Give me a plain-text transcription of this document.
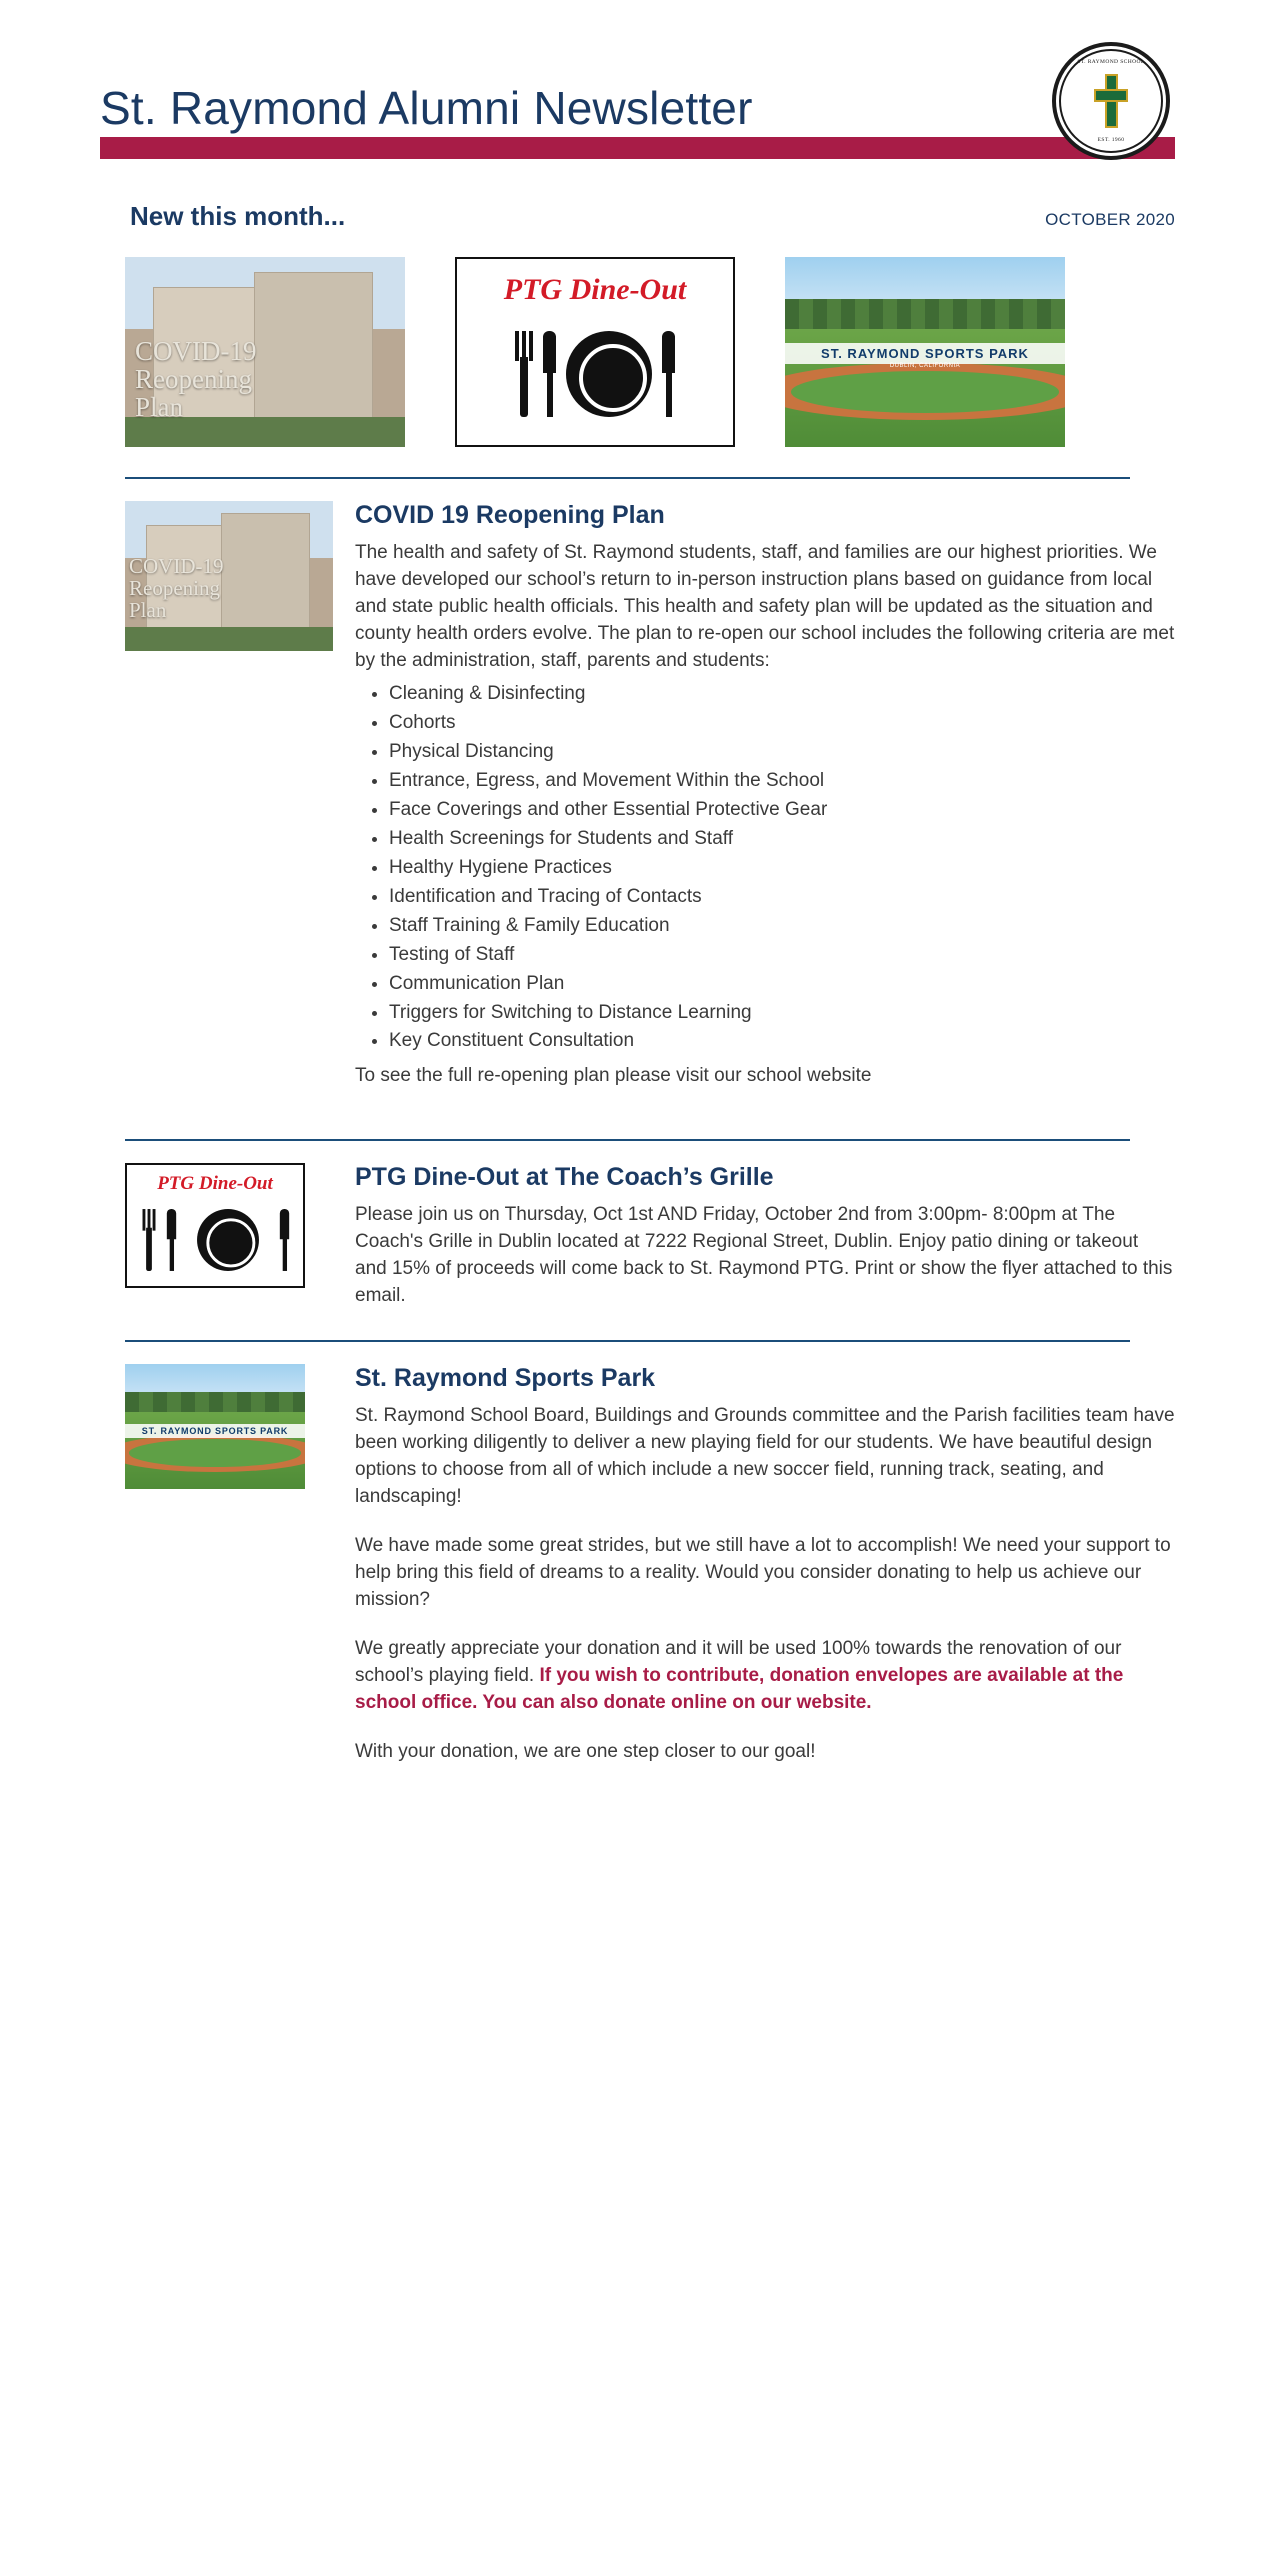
St. Raymond Alumni Newsletter
ST. RAYMOND SCHOOL
EST. 1960
New this month...	OCTOBER 2020
COVID-19
Reopening
Plan
PTG Dine-Out
ST. RAYMOND SPORTS PARK
DUBLIN, CALIFORNIA
COVID-19
Reopening
Plan
COVID 19 Reopening Plan

The health and safety of St. Raymond students, staff, and families are our highest priorities. We have developed our school’s return to in-person instruction plans based on guidance from local and state public health officials. This health and safety plan will be updated as the situation and county health orders evolve. The plan to re-open our school includes the following criteria are met by the administration, staff, parents and students:

• Cleaning & Disinfecting
• Cohorts
• Physical Distancing
• Entrance, Egress, and Movement Within the School
• Face Coverings and other Essential Protective Gear
• Health Screenings for Students and Staff
• Healthy Hygiene Practices
• Identification and Tracing of Contacts
• Staff Training & Family Education
• Testing of Staff
• Communication Plan
• Triggers for Switching to Distance Learning
• Key Constituent Consultation

To see the full re-opening plan please visit our school website

PTG Dine-Out	PTG Dine-Out at The Coach’s Grille

Please join us on Thursday, Oct 1st AND Friday, October 2nd from 3:00pm- 8:00pm at The Coach's Grille in Dublin located at 7222 Regional Street, Dublin. Enjoy patio dining or takeout and 15% of proceeds will come back to St. Raymond PTG. Print or show the flyer attached to this email.

ST. RAYMOND SPORTS PARK
St. Raymond Sports Park

St. Raymond School Board, Buildings and Grounds committee and the Parish facilities team have been working diligently to deliver a new playing field for our students. We have beautiful design options to choose from all of which include a new soccer field, running track, seating, and landscaping!

We have made some great strides, but we still have a lot to accomplish! We need your support to help bring this field of dreams to a reality. Would you consider donating to help us achieve our mission?

We greatly appreciate your donation and it will be used 100% towards the renovation of our school’s playing field. If you wish to contribute, donation envelopes are available at the school office. You can also donate online on our website.

With your donation, we are one step closer to our goal!
